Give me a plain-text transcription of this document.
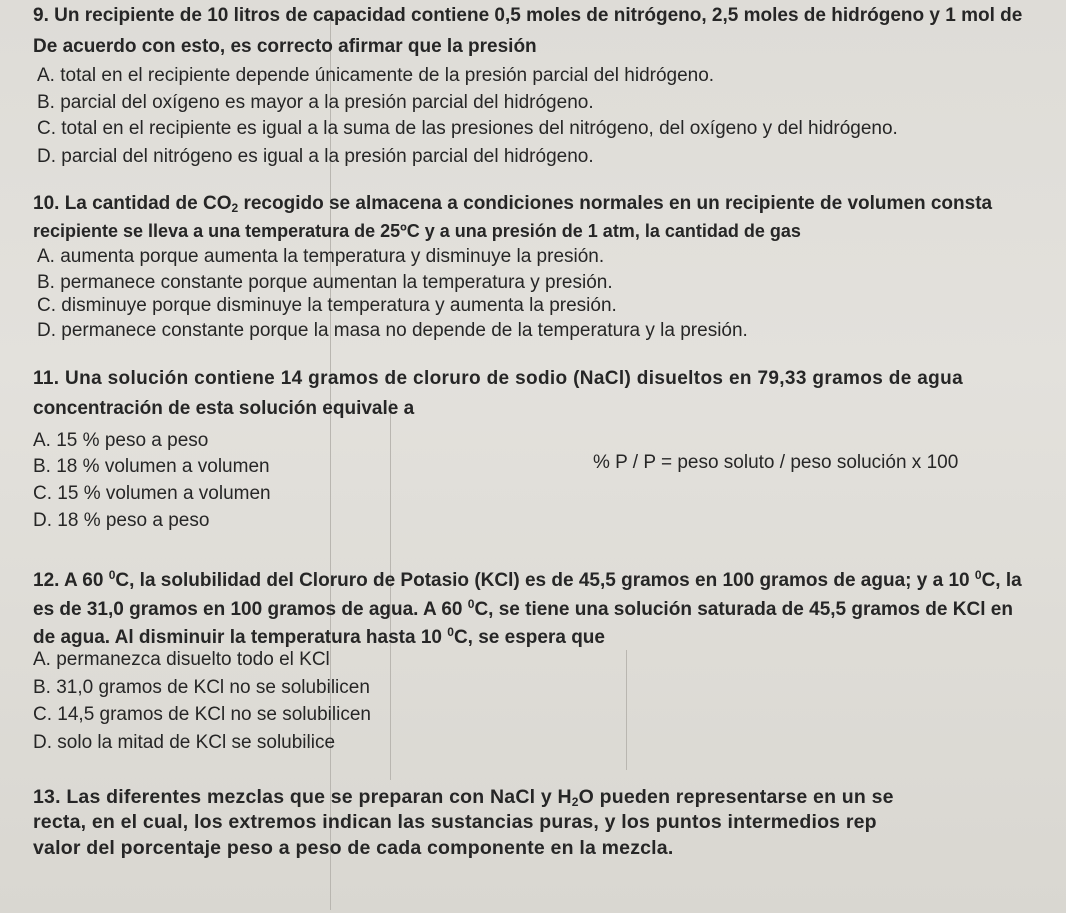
9. Un recipiente de 10 litros de capacidad contiene 0,5 moles de nitrógeno, 2,5 moles de hidrógeno y 1 mol de
De acuerdo con esto, es correcto afirmar que la presión
A. total en el recipiente depende únicamente de la presión parcial del hidrógeno.
B. parcial del oxígeno es mayor a la presión parcial del hidrógeno.
C. total en el recipiente es igual a la suma de las presiones del nitrógeno, del oxígeno y del hidrógeno.
D. parcial del nitrógeno es igual a la presión parcial del hidrógeno.
10. La cantidad de $CO_2$ recogido se almacena a condiciones normales en un recipiente de volumen consta
recipiente se lleva a una temperatura de 25ºC y a una presión de 1 atm, la cantidad de gas
A. aumenta porque aumenta la temperatura y disminuye la presión.
B. permanece constante porque aumentan la temperatura y presión.
C. disminuye porque disminuye la temperatura y aumenta la presión.
D. permanece constante porque la masa no depende de la temperatura y la presión.
11. Una solución contiene 14 gramos de cloruro de sodio (NaCl) disueltos en 79,33 gramos de agua
concentración de esta solución equivale a
A. 15 % peso a peso
B. 18 % volumen a volumen
C. 15 % volumen a volumen
D. 18 % peso a peso
% P / P = peso soluto / peso solución x 100
12. A 60 $^0$C, la solubilidad del Cloruro de Potasio (KCl) es de 45,5 gramos en 100 gramos de agua; y a 10 $^0$C, la
es de 31,0 gramos en 100 gramos de agua. A 60 $^0$C, se tiene una solución saturada de 45,5 gramos de KCl en
de agua. Al disminuir la temperatura hasta 10 $^0$C, se espera que
A. permanezca disuelto todo el KCl
B. 31,0 gramos de KCl no se solubilicen
C. 14,5 gramos de KCl no se solubilicen
D. solo la mitad de KCl se solubilice
13. Las diferentes mezclas que se preparan con NaCl y $H_2O$ pueden representarse en un se
recta, en el cual, los extremos indican las sustancias puras, y los puntos intermedios rep
valor del porcentaje peso a peso de cada componente en la mezcla.
